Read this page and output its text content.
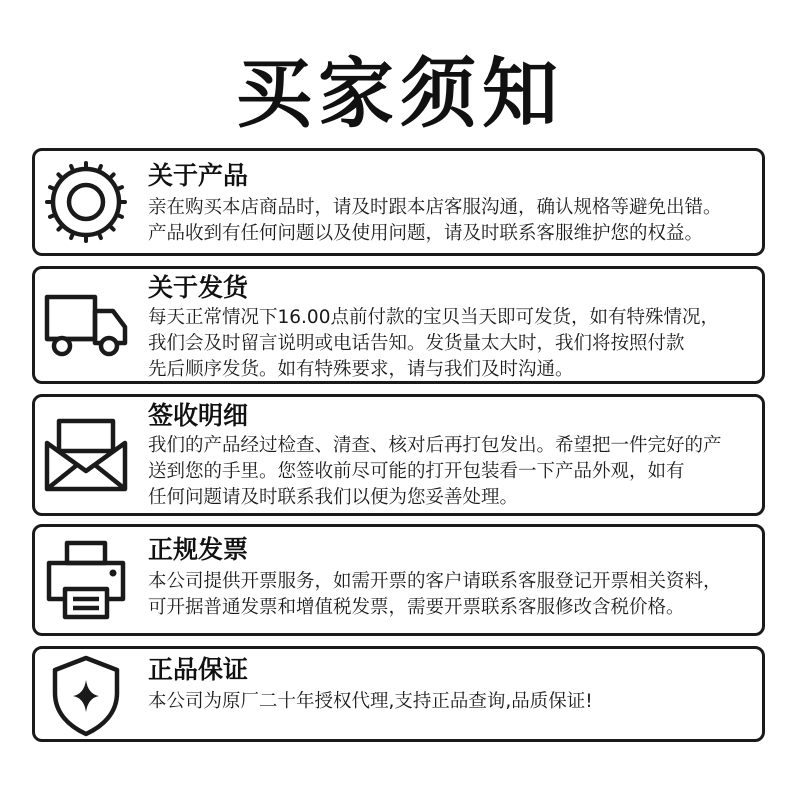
买家须知
关于产品
亲在购买本店商品时，请及时跟本店客服沟通，确认规格等避免出错。
产品收到有任何问题以及使用问题，请及时联系客服维护您的权益。
关于发货
每天正常情况下16.00点前付款的宝贝当天即可发货，如有特殊情况，
我们会及时留言说明或电话告知。发货量太大时，我们将按照付款
先后顺序发货。如有特殊要求，请与我们及时沟通。
签收明细
我们的产品经过检查、清查、核对后再打包发出。希望把一件完好的产
送到您的手里。您签收前尽可能的打开包装看一下产品外观，如有
任何问题请及时联系我们以便为您妥善处理。
正规发票
本公司提供开票服务，如需开票的客户请联系客服登记开票相关资料，
可开据普通发票和增值税发票，需要开票联系客服修改含税价格。
正品保证
本公司为原厂二十年授权代理,支持正品查询,品质保证!
